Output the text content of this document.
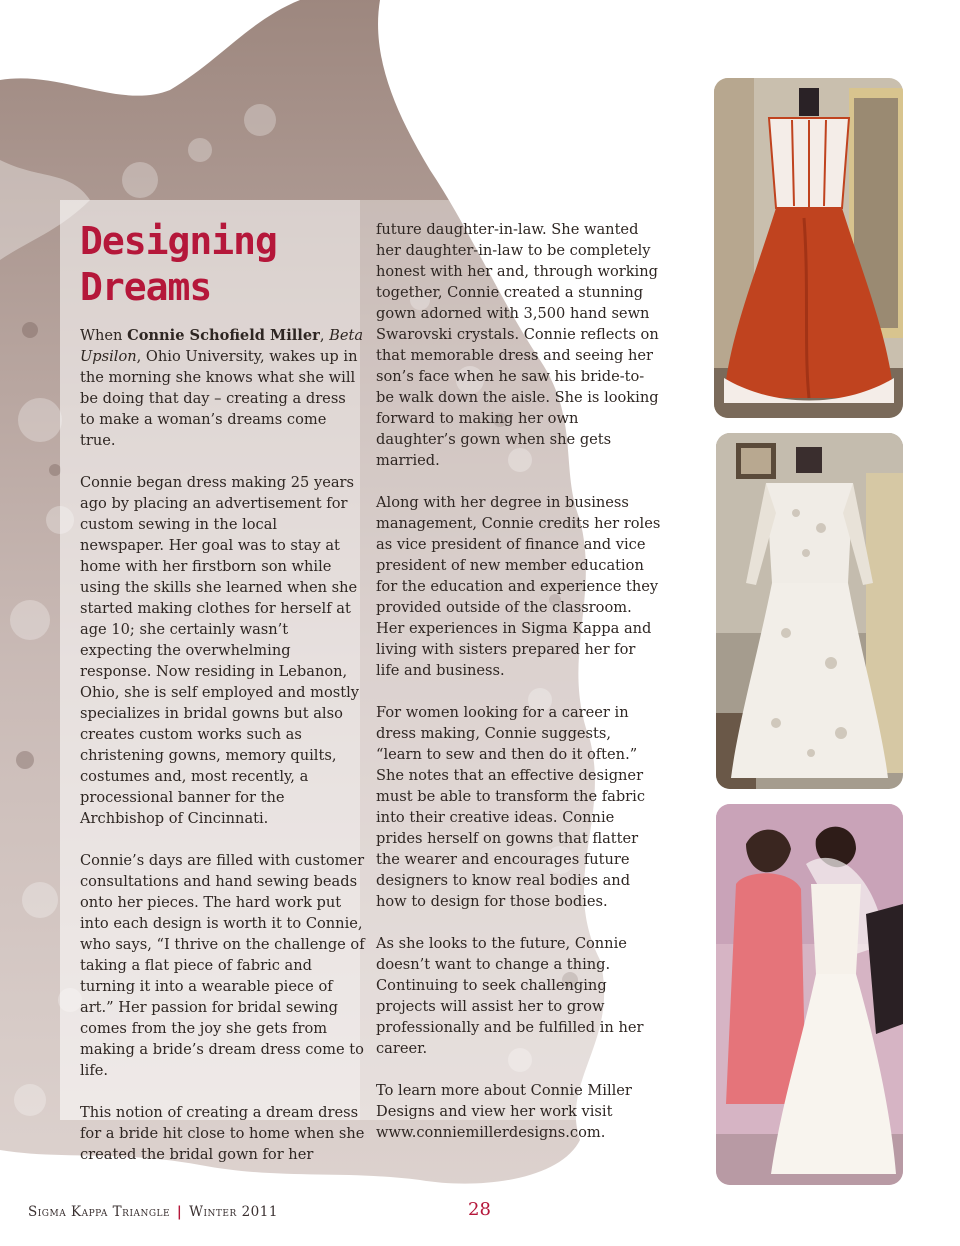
Designing
Dreams

When Connie Schofield Miller, Beta Upsilon, Ohio University, wakes up in the morning she knows what she will be doing that day – creating a dress to make a woman’s dreams come true.

Connie began dress making 25 years ago by placing an advertisement for custom sewing in the local newspaper. Her goal was to stay at home with her firstborn son while using the skills she learned when she started making clothes for herself at age 10; she certainly wasn’t expecting the overwhelming response. Now residing in Lebanon, Ohio, she is self employed and mostly specializes in bridal gowns but also creates custom works such as christening gowns, memory quilts, costumes and, most recently, a processional banner for the Archbishop of Cincinnati.

Connie’s days are filled with customer consultations and hand sewing beads onto her pieces. The hard work put into each design is worth it to Connie, who says, “I thrive on the challenge of taking a flat piece of fabric and turning it into a wearable piece of art.” Her passion for bridal sewing comes from the joy she gets from making a bride’s dream dress come to life.

This notion of creating a dream dress for a bride hit close to home when she created the bridal gown for her

future daughter-in-law. She wanted her daughter-in-law to be completely honest with her and, through working together, Connie created a stunning gown adorned with 3,500 hand sewn Swarovski crystals. Connie reflects on that memorable dress and seeing her son’s face when he saw his bride-to-be walk down the aisle. She is looking forward to making her own daughter’s gown when she gets married.

Along with her degree in business management, Connie credits her roles as vice president of finance and vice president of new member education for the education and experience they provided outside of the classroom. Her experiences in Sigma Kappa and living with sisters prepared her for life and business.

For women looking for a career in dress making, Connie suggests, “learn to sew and then do it often.” She notes that an effective designer must be able to transform the fabric into their creative ideas. Connie prides herself on gowns that flatter the wearer and encourages future designers to know real bodies and how to design for those bodies.

As she looks to the future, Connie doesn’t want to change a thing. Continuing to seek challenging projects will assist her to grow professionally and be fulfilled in her career.

To learn more about Connie Miller Designs and view her work visit www.conniemillerdesigns.com.

Sigma Kappa Triangle | Winter 2011	28
